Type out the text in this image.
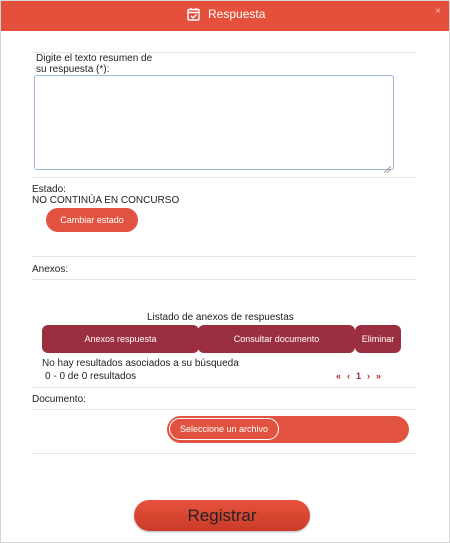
Respuesta	×
Digite el texto resumen de
su respuesta (*):
Estado:
NO CONTINÚA EN CONCURSO
Cambiar estado
Anexos:
Listado de anexos de respuestas
Anexos respuesta	Consultar documento	Eliminar
No hay resultados asociados a su búsqueda
0 - 0 de 0 resultados	« ‹ 1 › »
Documento:
Seleccione un archivo
Registrar
